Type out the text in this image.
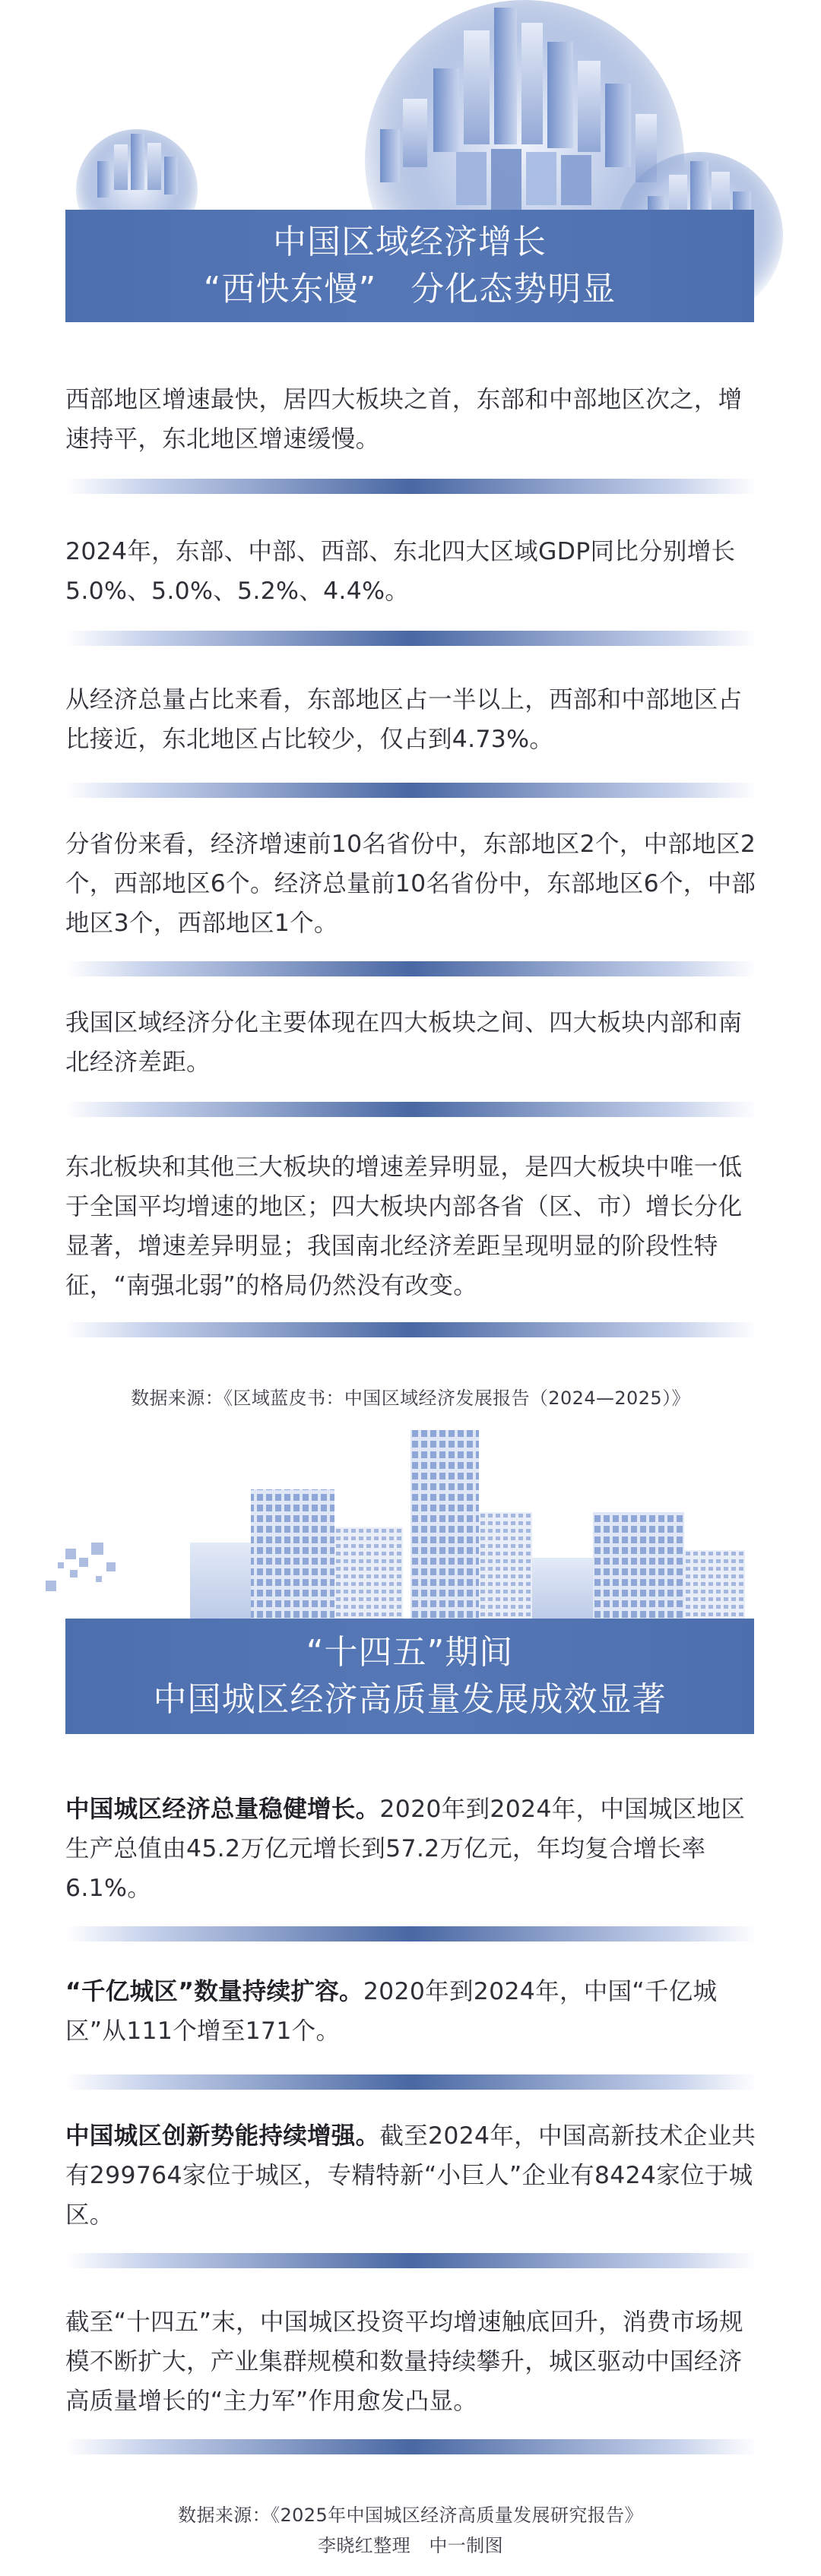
中国区域经济增长
“西快东慢”　分化态势明显
西部地区增速最快，居四大板块之首，东部和中部地区次之，增速持平，东北地区增速缓慢。
2024年，东部、中部、西部、东北四大区域GDP同比分别增长5.0%、5.0%、5.2%、4.4%。
从经济总量占比来看，东部地区占一半以上，西部和中部地区占比接近，东北地区占比较少，仅占到4.73%。
分省份来看，经济增速前10名省份中，东部地区2个，中部地区2个，西部地区6个。经济总量前10名省份中，东部地区6个，中部地区3个，西部地区1个。
我国区域经济分化主要体现在四大板块之间、四大板块内部和南北经济差距。
东北板块和其他三大板块的增速差异明显，是四大板块中唯一低于全国平均增速的地区；四大板块内部各省（区、市）增长分化显著，增速差异明显；我国南北经济差距呈现明显的阶段性特征，“南强北弱”的格局仍然没有改变。
数据来源：《区域蓝皮书：中国区域经济发展报告（2024—2025）》
“十四五”期间
中国城区经济高质量发展成效显著
中国城区经济总量稳健增长。2020年到2024年，中国城区地区生产总值由45.2万亿元增长到57.2万亿元，年均复合增长率6.1%。
“千亿城区”数量持续扩容。2020年到2024年，中国“千亿城区”从111个增至171个。
中国城区创新势能持续增强。截至2024年，中国高新技术企业共有299764家位于城区，专精特新“小巨人”企业有8424家位于城区。
截至“十四五”末，中国城区投资平均增速触底回升，消费市场规模不断扩大，产业集群规模和数量持续攀升，城区驱动中国经济高质量增长的“主力军”作用愈发凸显。
数据来源：《2025年中国城区经济高质量发展研究报告》
李晓红整理　中一制图
